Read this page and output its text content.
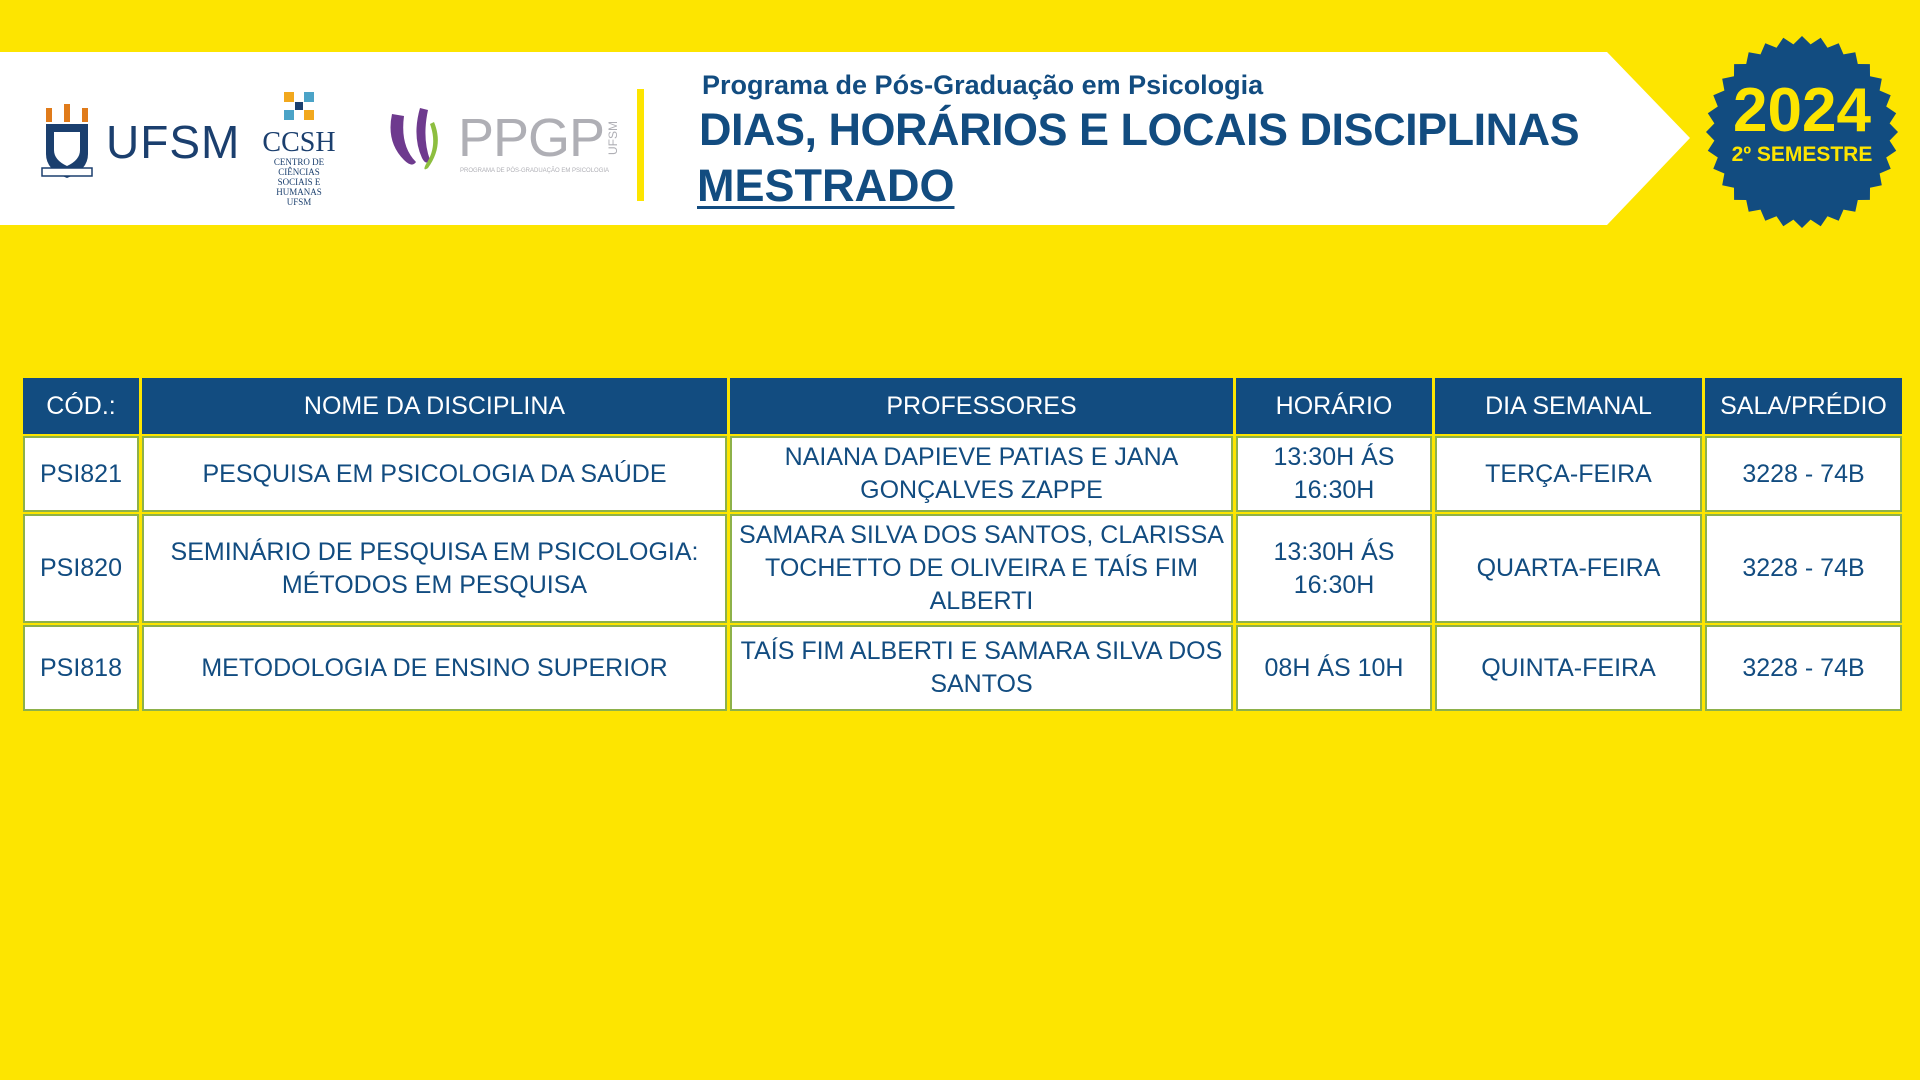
UFSM CCSH
CENTRO DE CIÊNCIAS
SOCIAIS E HUMANAS
UFSM
PPGP UFSM
PROGRAMA DE PÓS-GRADUAÇÃO EM PSICOLOGIA
Programa de Pós-Graduação em Psicologia
DIAS, HORÁRIOS E LOCAIS DISCIPLINAS
MESTRADO
2024
2º SEMESTRE
CÓD.:	NOME DA DISCIPLINA	PROFESSORES	HORÁRIO	DIA SEMANAL	SALA/PRÉDIO
PSI821	PESQUISA EM PSICOLOGIA DA SAÚDE	NAIANA DAPIEVE PATIAS E JANA GONÇALVES ZAPPE	13:30H ÁS 16:30H	TERÇA-FEIRA	3228 - 74B
PSI820	SEMINÁRIO DE PESQUISA EM PSICOLOGIA: MÉTODOS EM PESQUISA	SAMARA SILVA DOS SANTOS, CLARISSA TOCHETTO DE OLIVEIRA E TAÍS FIM ALBERTI	13:30H ÁS 16:30H	QUARTA-FEIRA	3228 - 74B
PSI818	METODOLOGIA DE ENSINO SUPERIOR	TAÍS FIM ALBERTI E SAMARA SILVA DOS SANTOS	08H ÁS 10H	QUINTA-FEIRA	3228 - 74B
